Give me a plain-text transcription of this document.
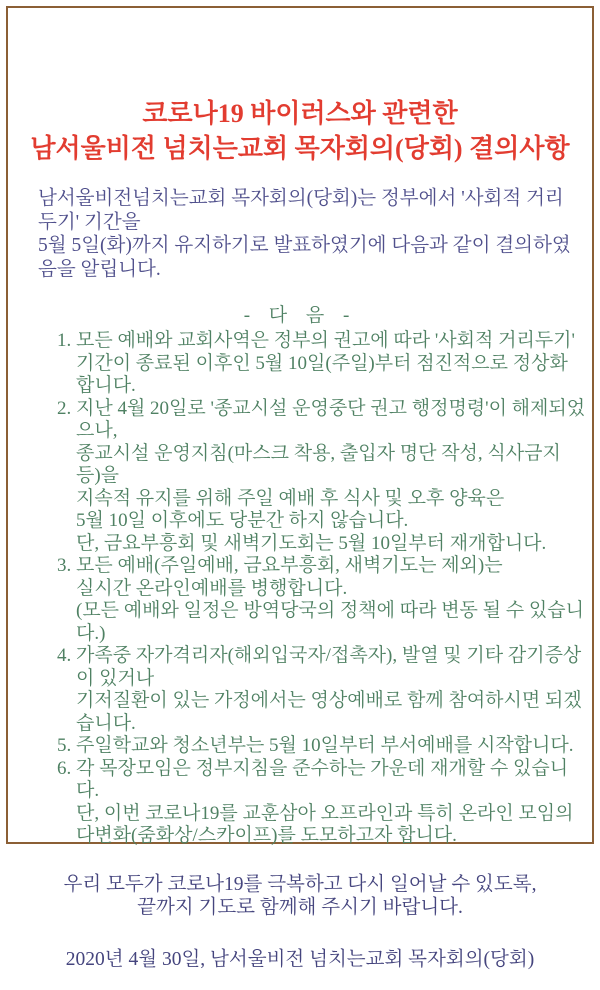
코로나19 바이러스와 관련한
남서울비전 넘치는교회 목자회의(당회) 결의사항

남서울비전넘치는교회 목자회의(당회)는 정부에서 '사회적 거리두기' 기간을
5월 5일(화)까지 유지하기로 발표하였기에 다음과 같이 결의하였음을 알립니다.

- 다 음 -
1. 모든 예배와 교회사역은 정부의 권고에 따라 '사회적 거리두기'
기간이 종료된 이후인 5월 10일(주일)부터 점진적으로 정상화합니다.
2. 지난 4월 20일로 '종교시설 운영중단 권고 행정명령'이 해제되었으나,
종교시설 운영지침(마스크 착용, 출입자 명단 작성, 식사금지 등)을
지속적 유지를 위해 주일 예배 후 식사 및 오후 양육은
5월 10일 이후에도 당분간 하지 않습니다.
단, 금요부흥회 및 새벽기도회는 5월 10일부터 재개합니다.
3. 모든 예배(주일예배, 금요부흥회, 새벽기도는 제외)는
실시간 온라인예배를 병행합니다.
(모든 예배와 일정은 방역당국의 정책에 따라 변동 될 수 있습니다.)
4. 가족중 자가격리자(해외입국자/접촉자), 발열 및 기타 감기증상이 있거나
기저질환이 있는 가정에서는 영상예배로 함께 참여하시면 되겠습니다.
5. 주일학교와 청소년부는 5월 10일부터 부서예배를 시작합니다.
6. 각 목장모임은 정부지침을 준수하는 가운데 재개할 수 있습니다.
단, 이번 코로나19를 교훈삼아 오프라인과 특히 온라인 모임의
다변화(줌화상/스카이프)를 도모하고자 합니다.

우리 모두가 코로나19를 극복하고 다시 일어날 수 있도록,
끝까지 기도로 함께해 주시기 바랍니다.

2020년 4월 30일, 남서울비전 넘치는교회 목자회의(당회)
